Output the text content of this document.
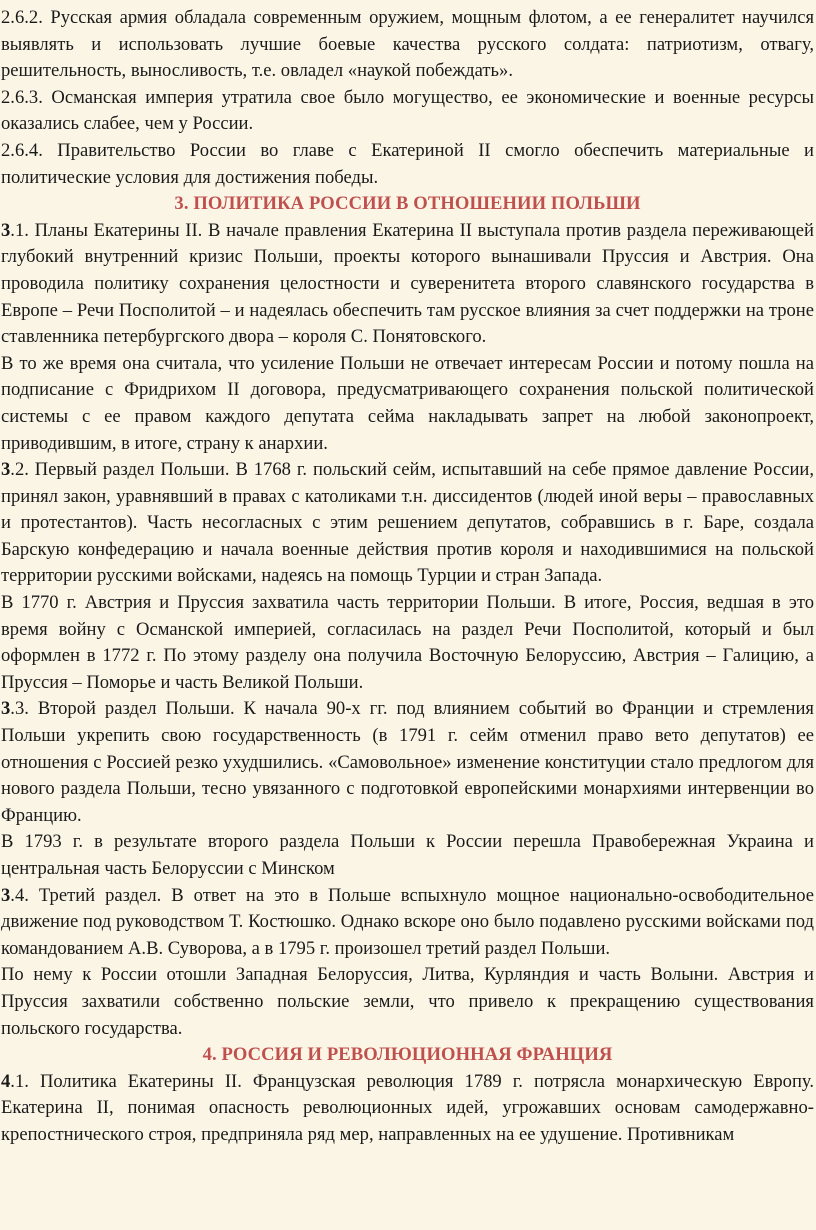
2.6.2. Русская армия обладала современным оружием, мощным флотом, а ее генералитет научился выявлять и использовать лучшие боевые качества русского солдата: патриотизм, отвагу, решительность, выносливость, т.е. овладел «наукой побеждать».

2.6.3. Османская империя утратила свое было могущество, ее экономические и военные ресурсы оказались слабее, чем у России.

2.6.4. Правительство России во главе с Екатериной II смогло обеспечить материальные и политические условия для достижения победы.

3. ПОЛИТИКА РОССИИ В ОТНОШЕНИИ ПОЛЬШИ

3.1. Планы Екатерины II. В начале правления Екатерина II выступала против раздела переживающей глубокий внутренний кризис Польши, проекты которого вынашивали Пруссия и Австрия. Она проводила политику сохранения целостности и суверенитета второго славянского государства в Европе – Речи Посполитой – и надеялась обеспечить там русское влияния за счет поддержки на троне ставленника петербургского двора – короля С. Понятовского.

В то же время она считала, что усиление Польши не отвечает интересам России и потому пошла на подписание с Фридрихом II договора, предусматривающего сохранения польской политической системы с ее правом каждого депутата сейма накладывать запрет на любой законопроект, приводившим, в итоге, страну к анархии.

3.2. Первый раздел Польши. В 1768 г. польский сейм, испытавший на себе прямое давление России, принял закон, уравнявший в правах с католиками т.н. диссидентов (людей иной веры – православных и протестантов). Часть несогласных с этим решением депутатов, собравшись в г. Баре, создала Барскую конфедерацию и начала военные действия против короля и находившимися на польской территории русскими войсками, надеясь на помощь Турции и стран Запада.

В 1770 г. Австрия и Пруссия захватила часть территории Польши. В итоге, Россия, ведшая в это время войну с Османской империей, согласилась на раздел Речи Посполитой, который и был оформлен в 1772 г. По этому разделу она получила Восточную Белоруссию, Австрия – Галицию, а Пруссия – Поморье и часть Великой Польши.

3.3. Второй раздел Польши. К начала 90-х гг. под влиянием событий во Франции и стремления Польши укрепить свою государственность (в 1791 г. сейм отменил право вето депутатов) ее отношения с Россией резко ухудшились. «Самовольное» изменение конституции стало предлогом для нового раздела Польши, тесно увязанного с подготовкой европейскими монархиями интервенции во Францию.

В 1793 г. в результате второго раздела Польши к России перешла Правобережная Украина и центральная часть Белоруссии с Минском

3.4. Третий раздел. В ответ на это в Польше вспыхнуло мощное национально-освободительное движение под руководством Т. Костюшко. Однако вскоре оно было подавлено русскими войсками под командованием А.В. Суворова, а в 1795 г. произошел третий раздел Польши.

По нему к России отошли Западная Белоруссия, Литва, Курляндия и часть Волыни. Австрия и Пруссия захватили собственно польские земли, что привело к прекращению существования польского государства.

4. РОССИЯ И РЕВОЛЮЦИОННАЯ ФРАНЦИЯ

4.1. Политика Екатерины II. Французская революция 1789 г. потрясла монархическую Европу. Екатерина II, понимая опасность революционных идей, угрожавших основам самодержавно-крепостнического строя, предприняла ряд мер, направленных на ее удушение. Противникам
